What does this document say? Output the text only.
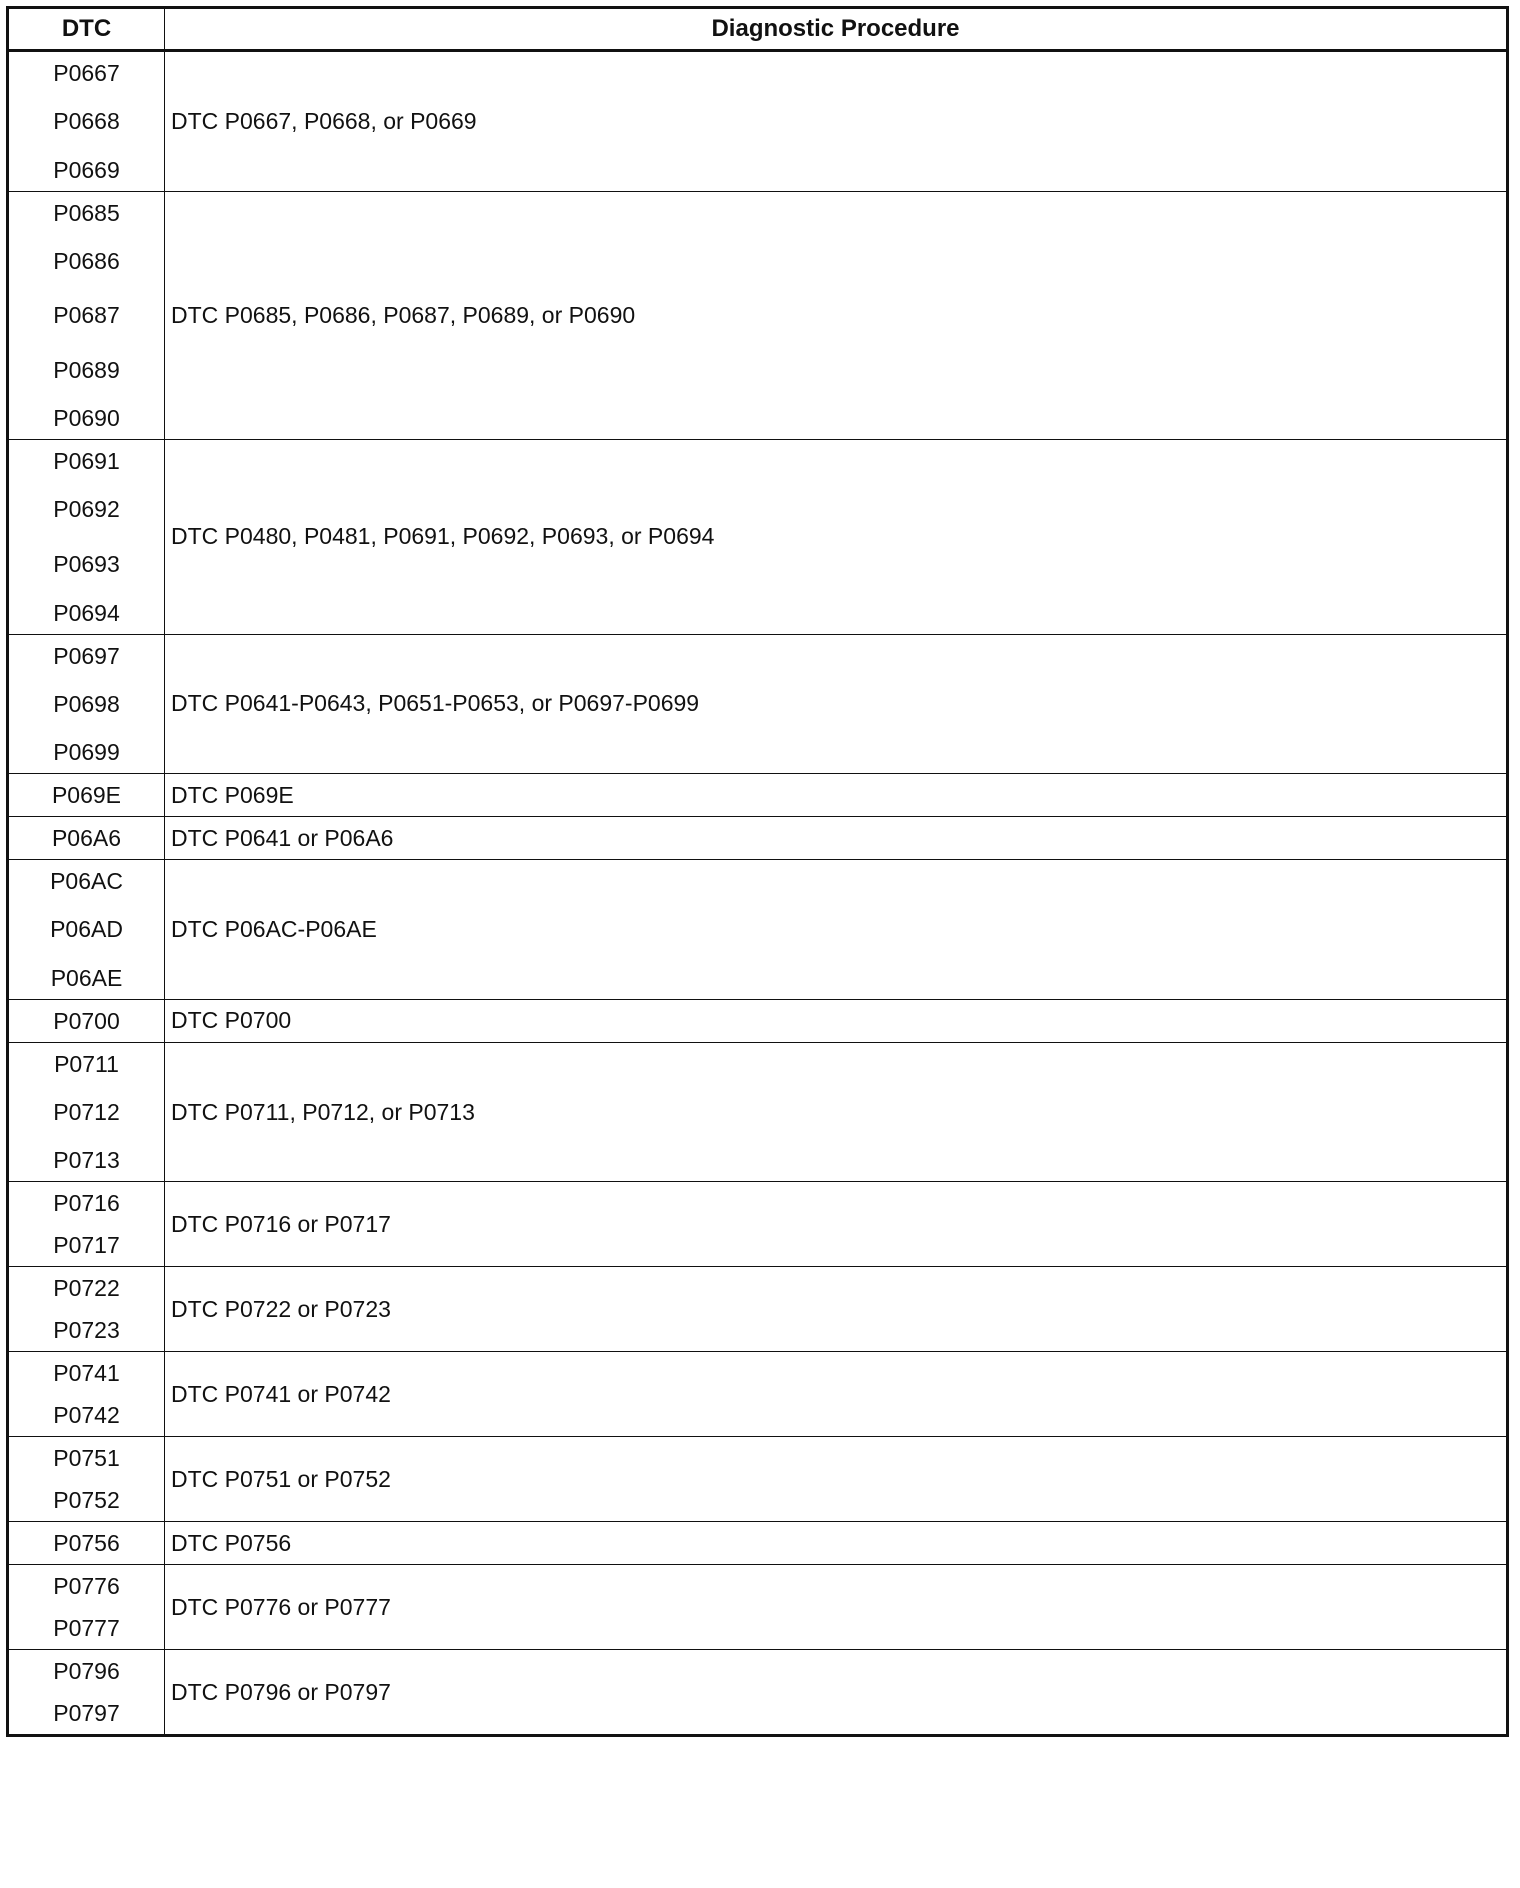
DTC	Diagnostic Procedure

P0667
P0668
P0669	DTC P0667, P0668, or P0669

P0685
P0686
P0687
P0689
P0690	DTC P0685, P0686, P0687, P0689, or P0690

P0691
P0692
P0693
P0694	DTC P0480, P0481, P0691, P0692, P0693, or P0694

P0697
P0698
P0699	DTC P0641-P0643, P0651-P0653, or P0697-P0699

P069E	DTC P069E

P06A6	DTC P0641 or P06A6

P06AC
P06AD
P06AE	DTC P06AC-P06AE

P0700	DTC P0700

P0711
P0712
P0713	DTC P0711, P0712, or P0713

P0716
P0717	DTC P0716 or P0717

P0722
P0723	DTC P0722 or P0723

P0741
P0742	DTC P0741 or P0742

P0751
P0752	DTC P0751 or P0752

P0756	DTC P0756

P0776
P0777	DTC P0776 or P0777

P0796
P0797	DTC P0796 or P0797
